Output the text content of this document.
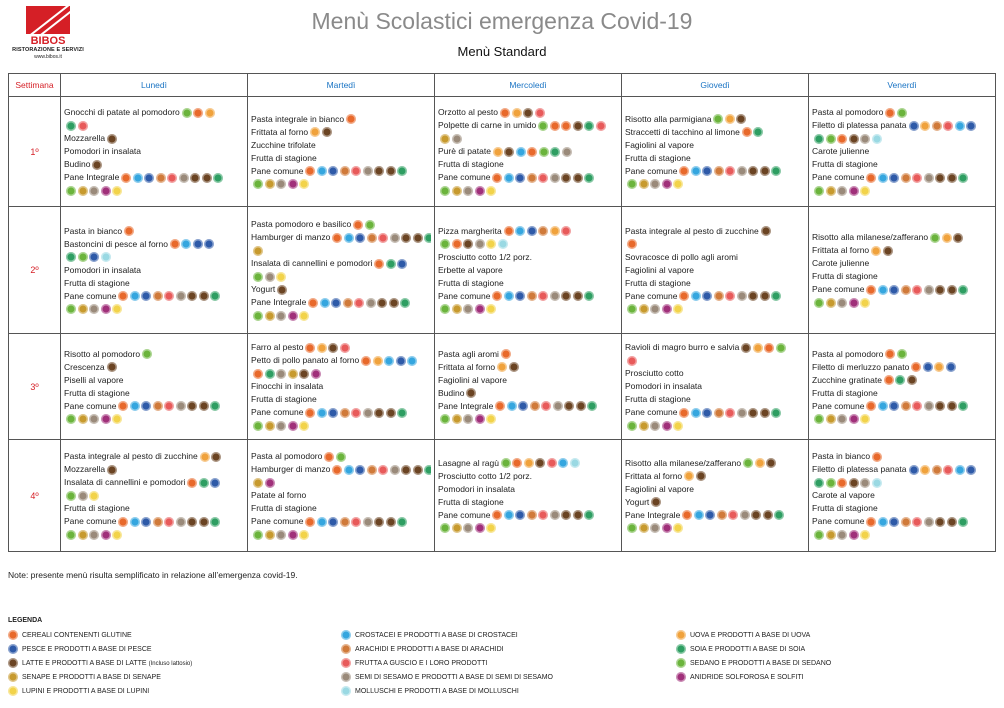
BIBOS
RISTORAZIONE E SERVIZI
www.bibos.it
Menù Scolastici emergenza Covid-19
Menù Standard
Settimana	Lunedì	Martedì	Mercoledì	Giovedì	Venerdì
1º	Gnocchi di patate al pomodoro
Mozzarella
Pomodori in insalata
Budino
Pane Integrale	Pasta integrale in bianco
Frittata al forno
Zucchine trifolate
Frutta di stagione
Pane comune	Orzotto al pesto
Polpette di carne in umido
Purè di patate
Frutta di stagione
Pane comune	Risotto alla parmigiana
Straccetti di tacchino al limone
Fagiolini al vapore
Frutta di stagione
Pane comune	Pasta al pomodoro
Filetto di platessa panata
Carote julienne
Frutta di stagione
Pane comune

2º	Pasta in bianco
Bastoncini di pesce al forno
Pomodori in insalata
Frutta di stagione
Pane comune	Pasta pomodoro e basilico
Hamburger di manzo
Insalata di cannellini e pomodori
Yogurt
Pane Integrale	Pizza margherita
Prosciutto cotto 1/2 porz.
Erbette al vapore
Frutta di stagione
Pane comune	Pasta integrale al pesto di zucchine
Sovracosce di pollo agli aromi
Fagiolini al vapore
Frutta di stagione
Pane comune	Risotto alla milanese/zafferano
Frittata al forno
Carote julienne
Frutta di stagione
Pane comune

3º	Risotto al pomodoro
Crescenza
Piselli al vapore
Frutta di stagione
Pane comune	Farro al pesto
Petto di pollo panato al forno
Finocchi in insalata
Frutta di stagione
Pane comune	Pasta agli aromi
Frittata al forno
Fagiolini al vapore
Budino
Pane Integrale	Ravioli di magro burro e salvia
Prosciutto cotto
Pomodori in insalata
Frutta di stagione
Pane comune	Pasta al pomodoro
Filetto di merluzzo panato
Zucchine gratinate
Frutta di stagione
Pane comune

4º	Pasta integrale al pesto di zucchine
Mozzarella
Insalata di cannellini e pomodori
Frutta di stagione
Pane comune	Pasta al pomodoro
Hamburger di manzo
Patate al forno
Frutta di stagione
Pane comune	Lasagne al ragù
Prosciutto cotto 1/2 porz.
Pomodori in insalata
Frutta di stagione
Pane comune	Risotto alla milanese/zafferano
Frittata al forno
Fagiolini al vapore
Yogurt
Pane Integrale	Pasta in bianco
Filetto di platessa panata
Carote al vapore
Frutta di stagione
Pane comune
Note: presente menù risulta semplificato in relazione all’emergenza covid-19.
LEGENDA
CEREALI CONTENENTI GLUTINE
PESCE E PRODOTTI A BASE DI PESCE
LATTE E PRODOTTI A BASE DI LATTE (Incluso lattosio)
SENAPE E PRODOTTI A BASE DI SENAPE
LUPINI E PRODOTTI A BASE DI LUPINI
CROSTACEI E PRODOTTI A BASE DI CROSTACEI
ARACHIDI E PRODOTTI A BASE DI ARACHIDI
FRUTTA A GUSCIO E I LORO PRODOTTI
SEMI DI SESAMO E PRODOTTI A BASE DI SEMI DI SESAMO
MOLLUSCHI E PRODOTTI A BASE DI MOLLUSCHI
UOVA E PRODOTTI A BASE DI UOVA
SOIA E PRODOTTI A BASE DI SOIA
SEDANO E PRODOTTI A BASE DI SEDANO
ANIDRIDE SOLFOROSA E SOLFITI
